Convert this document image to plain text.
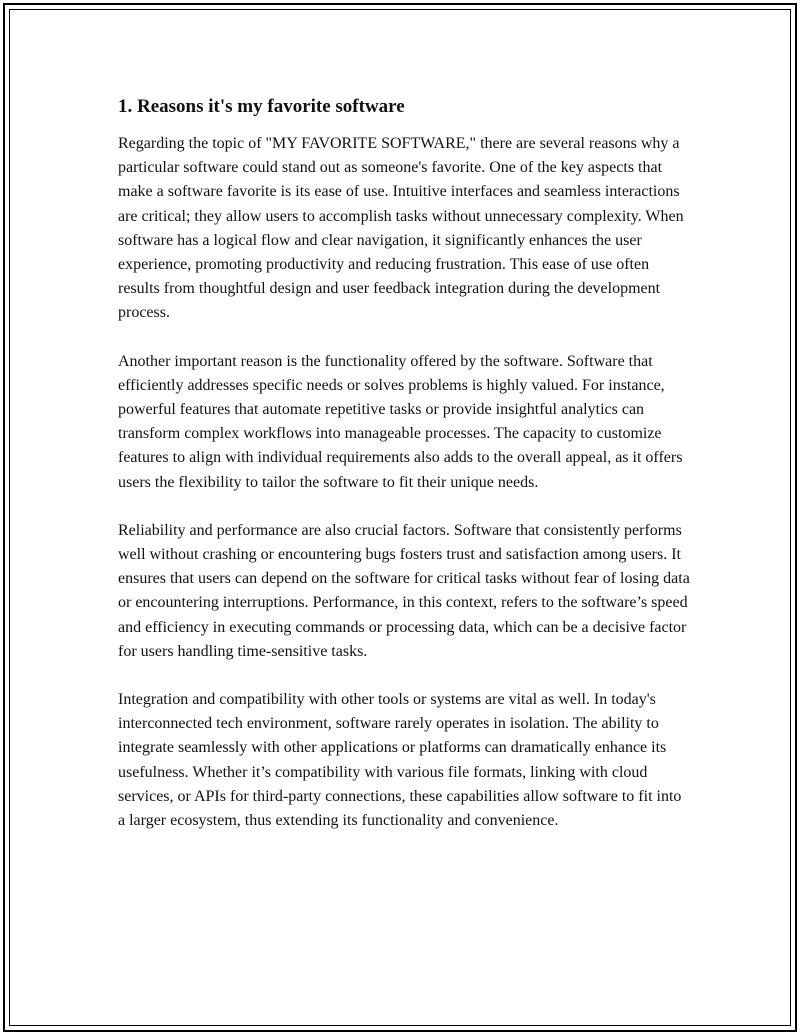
1. Reasons it's my favorite software

Regarding the topic of "MY FAVORITE SOFTWARE," there are several reasons why a particular software could stand out as someone's favorite. One of the key aspects that make a software favorite is its ease of use. Intuitive interfaces and seamless interactions are critical; they allow users to accomplish tasks without unnecessary complexity. When software has a logical flow and clear navigation, it significantly enhances the user experience, promoting productivity and reducing frustration. This ease of use often results from thoughtful design and user feedback integration during the development process.

Another important reason is the functionality offered by the software. Software that efficiently addresses specific needs or solves problems is highly valued. For instance, powerful features that automate repetitive tasks or provide insightful analytics can transform complex workflows into manageable processes. The capacity to customize features to align with individual requirements also adds to the overall appeal, as it offers users the flexibility to tailor the software to fit their unique needs.

Reliability and performance are also crucial factors. Software that consistently performs well without crashing or encountering bugs fosters trust and satisfaction among users. It ensures that users can depend on the software for critical tasks without fear of losing data or encountering interruptions. Performance, in this context, refers to the software’s speed and efficiency in executing commands or processing data, which can be a decisive factor for users handling time-sensitive tasks.

Integration and compatibility with other tools or systems are vital as well. In today's interconnected tech environment, software rarely operates in isolation. The ability to integrate seamlessly with other applications or platforms can dramatically enhance its usefulness. Whether it’s compatibility with various file formats, linking with cloud services, or APIs for third-party connections, these capabilities allow software to fit into a larger ecosystem, thus extending its functionality and convenience.
